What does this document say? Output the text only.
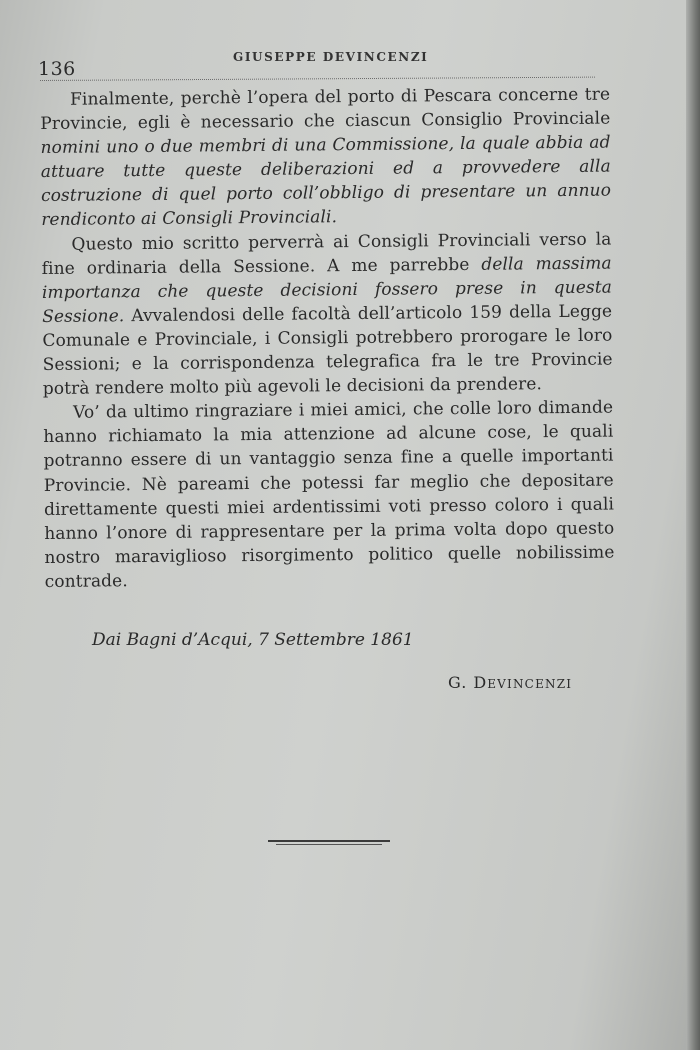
136
GIUSEPPE DEVINCENZI

Finalmente, perchè l’opera del porto di Pescara concerne tre Provincie, egli è necessario che ciascun Consiglio Provinciale nomini uno o due membri di una Commissione, la quale abbia ad attuare tutte queste deliberazioni ed a provvedere alla costruzione di quel porto coll’obbligo di presentare un annuo rendiconto ai Consigli Provinciali.

Questo mio scritto perverrà ai Consigli Provinciali verso la fine ordinaria della Sessione. A me parrebbe della massima importanza che queste decisioni fossero prese in questa Sessione. Avvalendosi delle facoltà dell’articolo 159 della Legge Comunale e Provinciale, i Consigli potrebbero prorogare le loro Sessioni; e la corrispondenza telegrafica fra le tre Provincie potrà rendere molto più agevoli le decisioni da prendere.

Vo’ da ultimo ringraziare i miei amici, che colle loro dimande hanno richiamato la mia attenzione ad alcune cose, le quali potranno essere di un vantaggio senza fine a quelle importanti Provincie. Nè pareami che potessi far meglio che depositare direttamente questi miei ardentissimi voti presso coloro i quali hanno l’onore di rappresentare per la prima volta dopo questo nostro maraviglioso risorgimento politico quelle nobilissime contrade.

Dai Bagni d’Acqui, 7 Settembre 1861
G. DEVINCENZI
